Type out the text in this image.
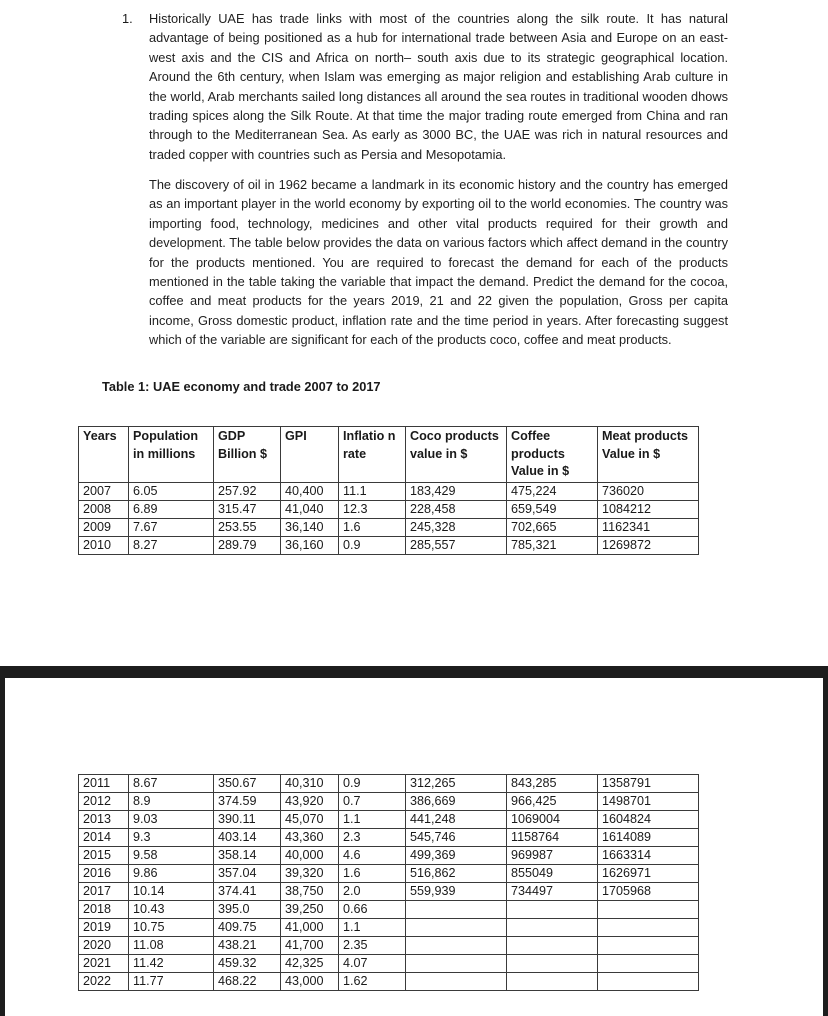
1. Historically UAE has trade links with most of the countries along the silk route. It has natural advantage of being positioned as a hub for international trade between Asia and Europe on an east-west axis and the CIS and Africa on north– south axis due to its strategic geographical location. Around the 6th century, when Islam was emerging as major religion and establishing Arab culture in the world, Arab merchants sailed long distances all around the sea routes in traditional wooden dhows trading spices along the Silk Route. At that time the major trading route emerged from China and ran through to the Mediterranean Sea. As early as 3000 BC, the UAE was rich in natural resources and traded copper with countries such as Persia and Mesopotamia.

The discovery of oil in 1962 became a landmark in its economic history and the country has emerged as an important player in the world economy by exporting oil to the world economies. The country was importing food, technology, medicines and other vital products required for their growth and development. The table below provides the data on various factors which affect demand in the country for the products mentioned. You are required to forecast the demand for each of the products mentioned in the table taking the variable that impact the demand. Predict the demand for the cocoa, coffee and meat products for the years 2019, 21 and 22 given the population, Gross per capita income, Gross domestic product, inflation rate and the time period in years. After forecasting suggest which of the variable are significant for each of the products coco, coffee and meat products.

Table 1: UAE economy and trade 2007 to 2017
Years	Population in millions	GDP Billion $	GPI	Inflatio n rate	Coco products value in $	Coffee products Value in $	Meat products Value in $
2007	6.05	257.92	40,400	11.1	183,429	475,224	736020
2008	6.89	315.47	41,040	12.3	228,458	659,549	1084212
2009	7.67	253.55	36,140	1.6	245,328	702,665	1162341
2010	8.27	289.79	36,160	0.9	285,557	785,321	1269872
2011	8.67	350.67	40,310	0.9	312,265	843,285	1358791
2012	8.9	374.59	43,920	0.7	386,669	966,425	1498701
2013	9.03	390.11	45,070	1.1	441,248	1069004	1604824
2014	9.3	403.14	43,360	2.3	545,746	1158764	1614089
2015	9.58	358.14	40,000	4.6	499,369	969987	1663314
2016	9.86	357.04	39,320	1.6	516,862	855049	1626971
2017	10.14	374.41	38,750	2.0	559,939	734497	1705968
2018	10.43	395.0	39,250	0.66			
2019	10.75	409.75	41,000	1.1			
2020	11.08	438.21	41,700	2.35			
2021	11.42	459.32	42,325	4.07			
2022	11.77	468.22	43,000	1.62			
